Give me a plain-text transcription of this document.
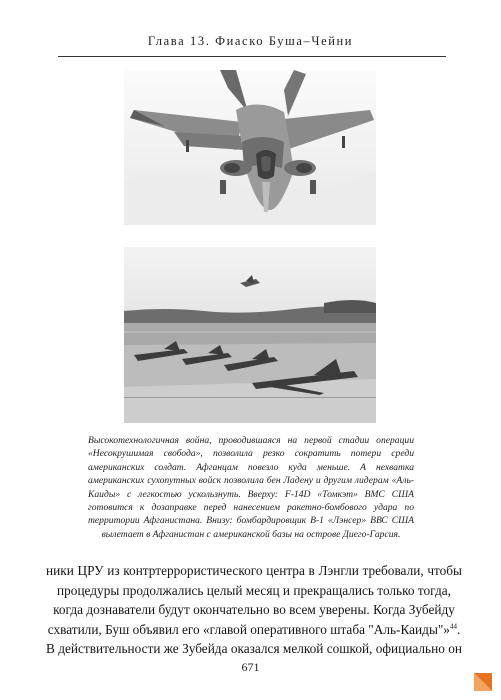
Глава 13. Фиаско Буша–Чейни
Высокотехнологичная война, проводившаяся на первой стадии операции «Несокрушимая свобода», позволила резко сократить потери среди американских солдат. Афганцам повезло куда меньше. А нехватка американских сухопутных войск позволила бен Ладену и другим лидерам «Аль-Каиды» с легкостью ускользнуть. Вверху: F-14D «Томкэт» ВМС США готовится к дозаправке перед нанесением ракетно-бомбового удара по территории Афганистана. Внизу: бомбардировщик В-1 «Лэнсер» ВВС США вылетает в Афганистан с американской базы на острове Диего-Гарсия.
ники ЦРУ из контртеррористического центра в Лэнгли требовали, чтобы
процедуры продолжались целый месяц и прекращались только тогда,
когда дознаватели будут окончательно во всем уверены. Когда Зубейду
схватили, Буш объявил его «главой оперативного штаба "Аль-Каиды"»$^{44}$.
В действительности же Зубейда оказался мелкой сошкой, официально он
671
